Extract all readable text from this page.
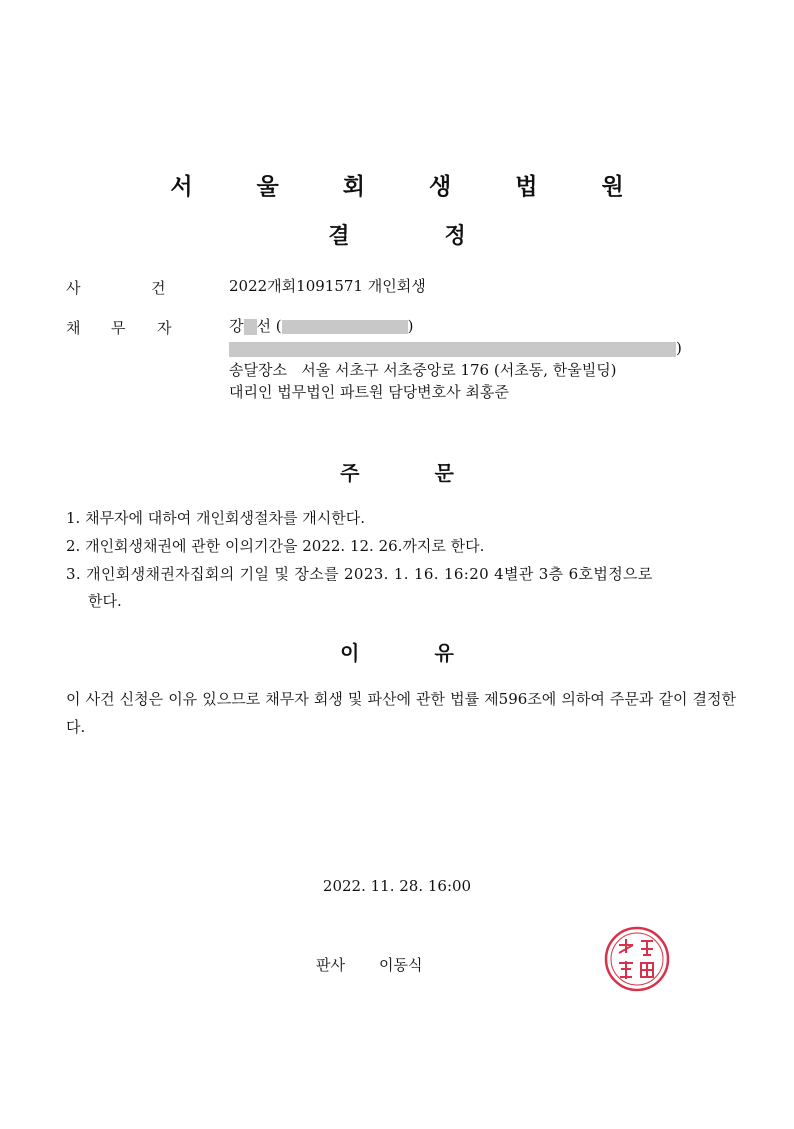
서 울 회 생 법 원
결	정
사	건	2022개회1091571 개인회생
채 무 자	강 선 (	)
)
송달장소   서울 서초구 서초중앙로 176 (서초동, 한울빌딩)
대리인 법무법인 파트원 담당변호사 최홍준
주	문
1. 채무자에 대하여 개인회생절차를 개시한다.
2. 개인회생채권에 관한 이의기간을 2022. 12. 26.까지로 한다.
3. 개인회생채권자집회의 기일 및 장소를 2023. 1. 16. 16:20 4별관 3층 6호법정으로
한다.
이	유
이 사건 신청은 이유 있으므로 채무자 회생 및 파산에 관한 법률 제596조에 의하여 주문과 같이 결정한다.
2022. 11. 28. 16:00
판사 이동식
